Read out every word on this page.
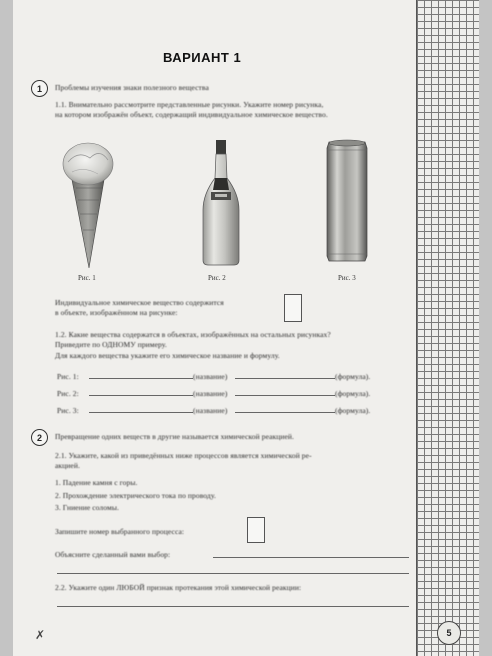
ВАРИАНТ 1
1	Проблемы изучения знаки полезного вещества
1.1. Внимательно рассмотрите представленные рисунки. Укажите номер рисунка,
на котором изображён объект, содержащий индивидуальное химическое вещество.
Рис. 1	Рис. 2	Рис. 3
Индивидуальное химическое вещество содержится
в объекте, изображённом на рисунке:
1.2. Какие вещества содержатся в объектах, изображённых на остальных рисунках?
Приведите по ОДНОМУ примеру.
Для каждого вещества укажите его химическое название и формулу.
Рис. 1:	(название)	(формула).
Рис. 2:	(название)	(формула).
Рис. 3:	(название)	(формула).
2	Превращение одних веществ в другие называется химической реакцией.
2.1. Укажите, какой из приведённых ниже процессов является химической ре-
акцией.
1. Падение камня с горы.
2. Прохождение электрического тока по проводу.
3. Гниение соломы.
Запишите номер выбранного процесса:
Объясните сделанный вами выбор:
2.2. Укажите один ЛЮБОЙ признак протекания этой химической реакции:
✗	5
